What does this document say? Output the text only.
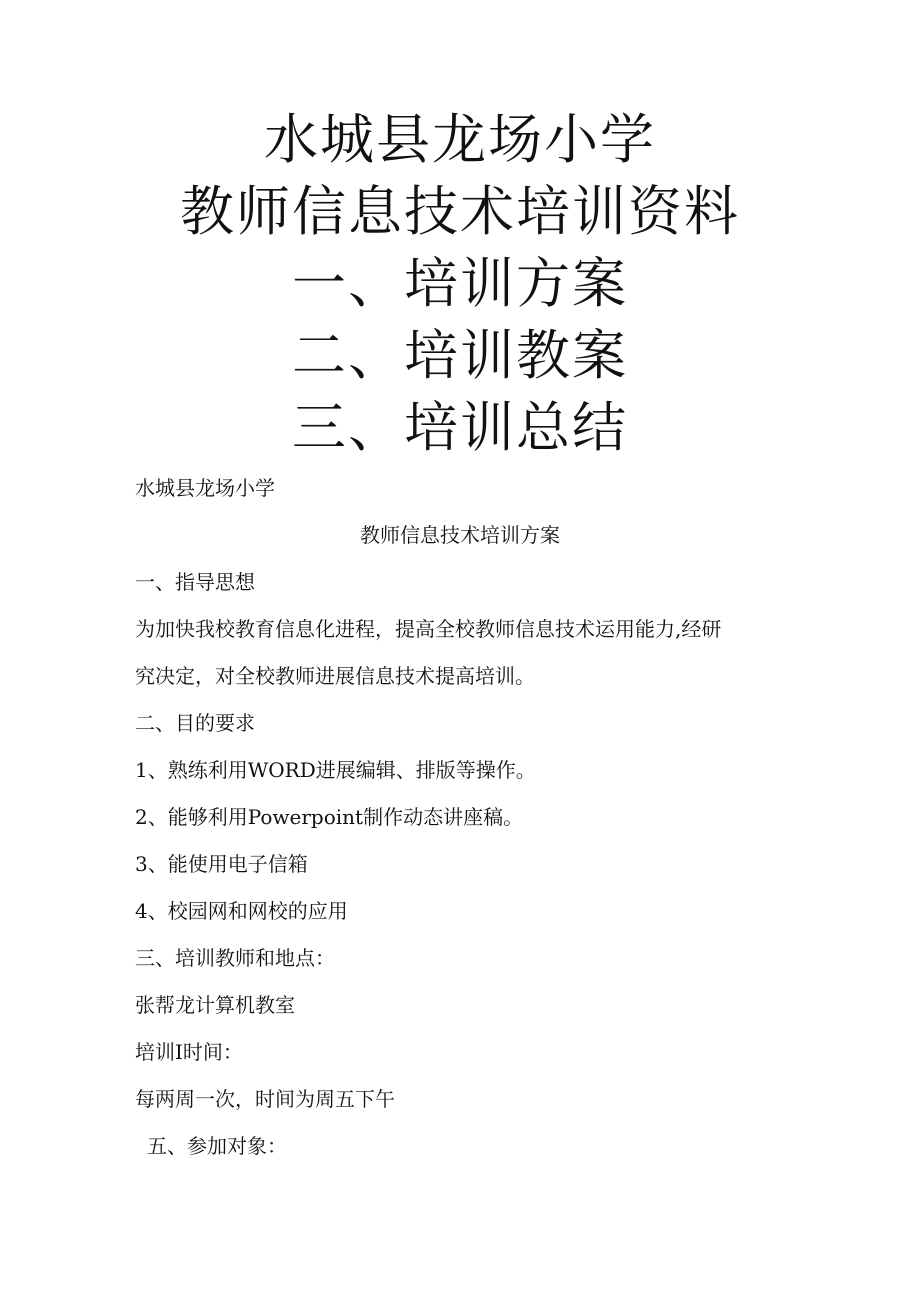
水城县龙场小学
教师信息技术培训资料
一、培训方案
二、培训教案
三、培训总结

水城县龙场小学

教师信息技术培训方案

一、指导思想

为加快我校教育信息化进程，提高全校教师信息技术运用能力,经研

究决定，对全校教师进展信息技术提高培训。

二、目的要求

1、熟练利用WORD进展编辑、排版等操作。

2、能够利用Powerpoint制作动态讲座稿。

3、能使用电子信箱

4、校园网和网校的应用

三、培训教师和地点：

张帮龙计算机教室

培训I时间：

每两周一次，时间为周五下午

五、参加对象：
